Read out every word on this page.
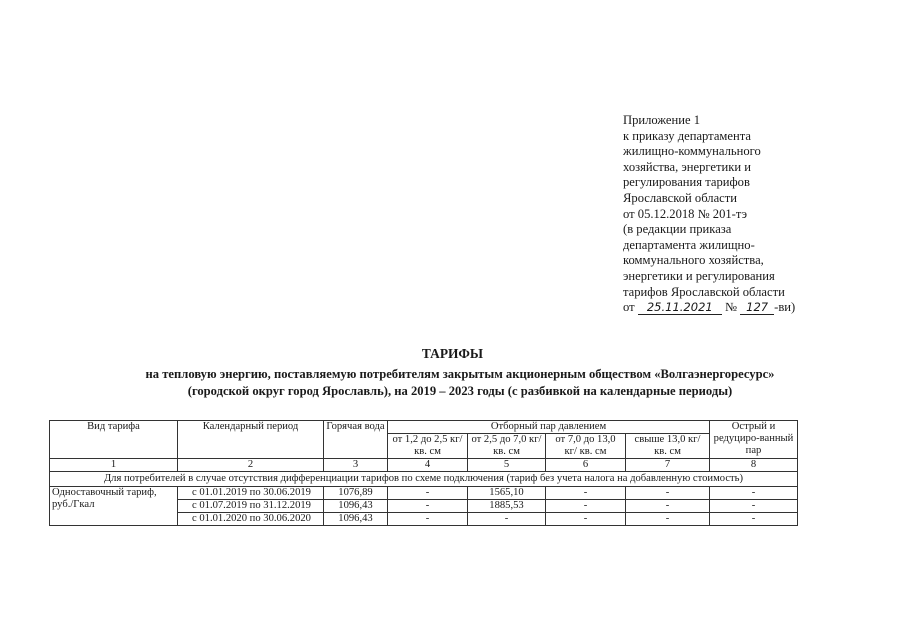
Приложение 1
к приказу департамента
жилищно-коммунального
хозяйства, энергетики и
регулирования тарифов
Ярославской области
от 05.12.2018 № 201-тэ
(в редакции приказа
департамента жилищно-
коммунального хозяйства,
энергетики и регулирования
тарифов Ярославской области
от 25.11.2021 № 127 -ви)
ТАРИФЫ
на тепловую энергию, поставляемую потребителям закрытым акционерным обществом «Волгаэнергоресурс»
(городской округ город Ярославль), на 2019 – 2023 годы (с разбивкой на календарные периоды)
Вид тарифа	Календарный период	Горячая вода	Отборный пар давлением				Острый и редуциро-ванный пар
			от 1,2 до 2,5 кг/ кв. см	от 2,5 до 7,0 кг/ кв. см	от 7,0 до 13,0 кг/ кв. см	свыше 13,0 кг/ кв. см	
1	2	3	4	5	6	7	8
Для потребителей в случае отсутствия дифференциации тарифов по схеме подключения (тариф без учета налога на добавленную стоимость)							
Одноставочный тариф, руб./Гкал	с 01.01.2019 по 30.06.2019	1076,89	-	1565,10	-	-	-
	с 01.07.2019 по 31.12.2019	1096,43	-	1885,53	-	-	-
	с 01.01.2020 по 30.06.2020	1096,43	-	-	-	-	-
